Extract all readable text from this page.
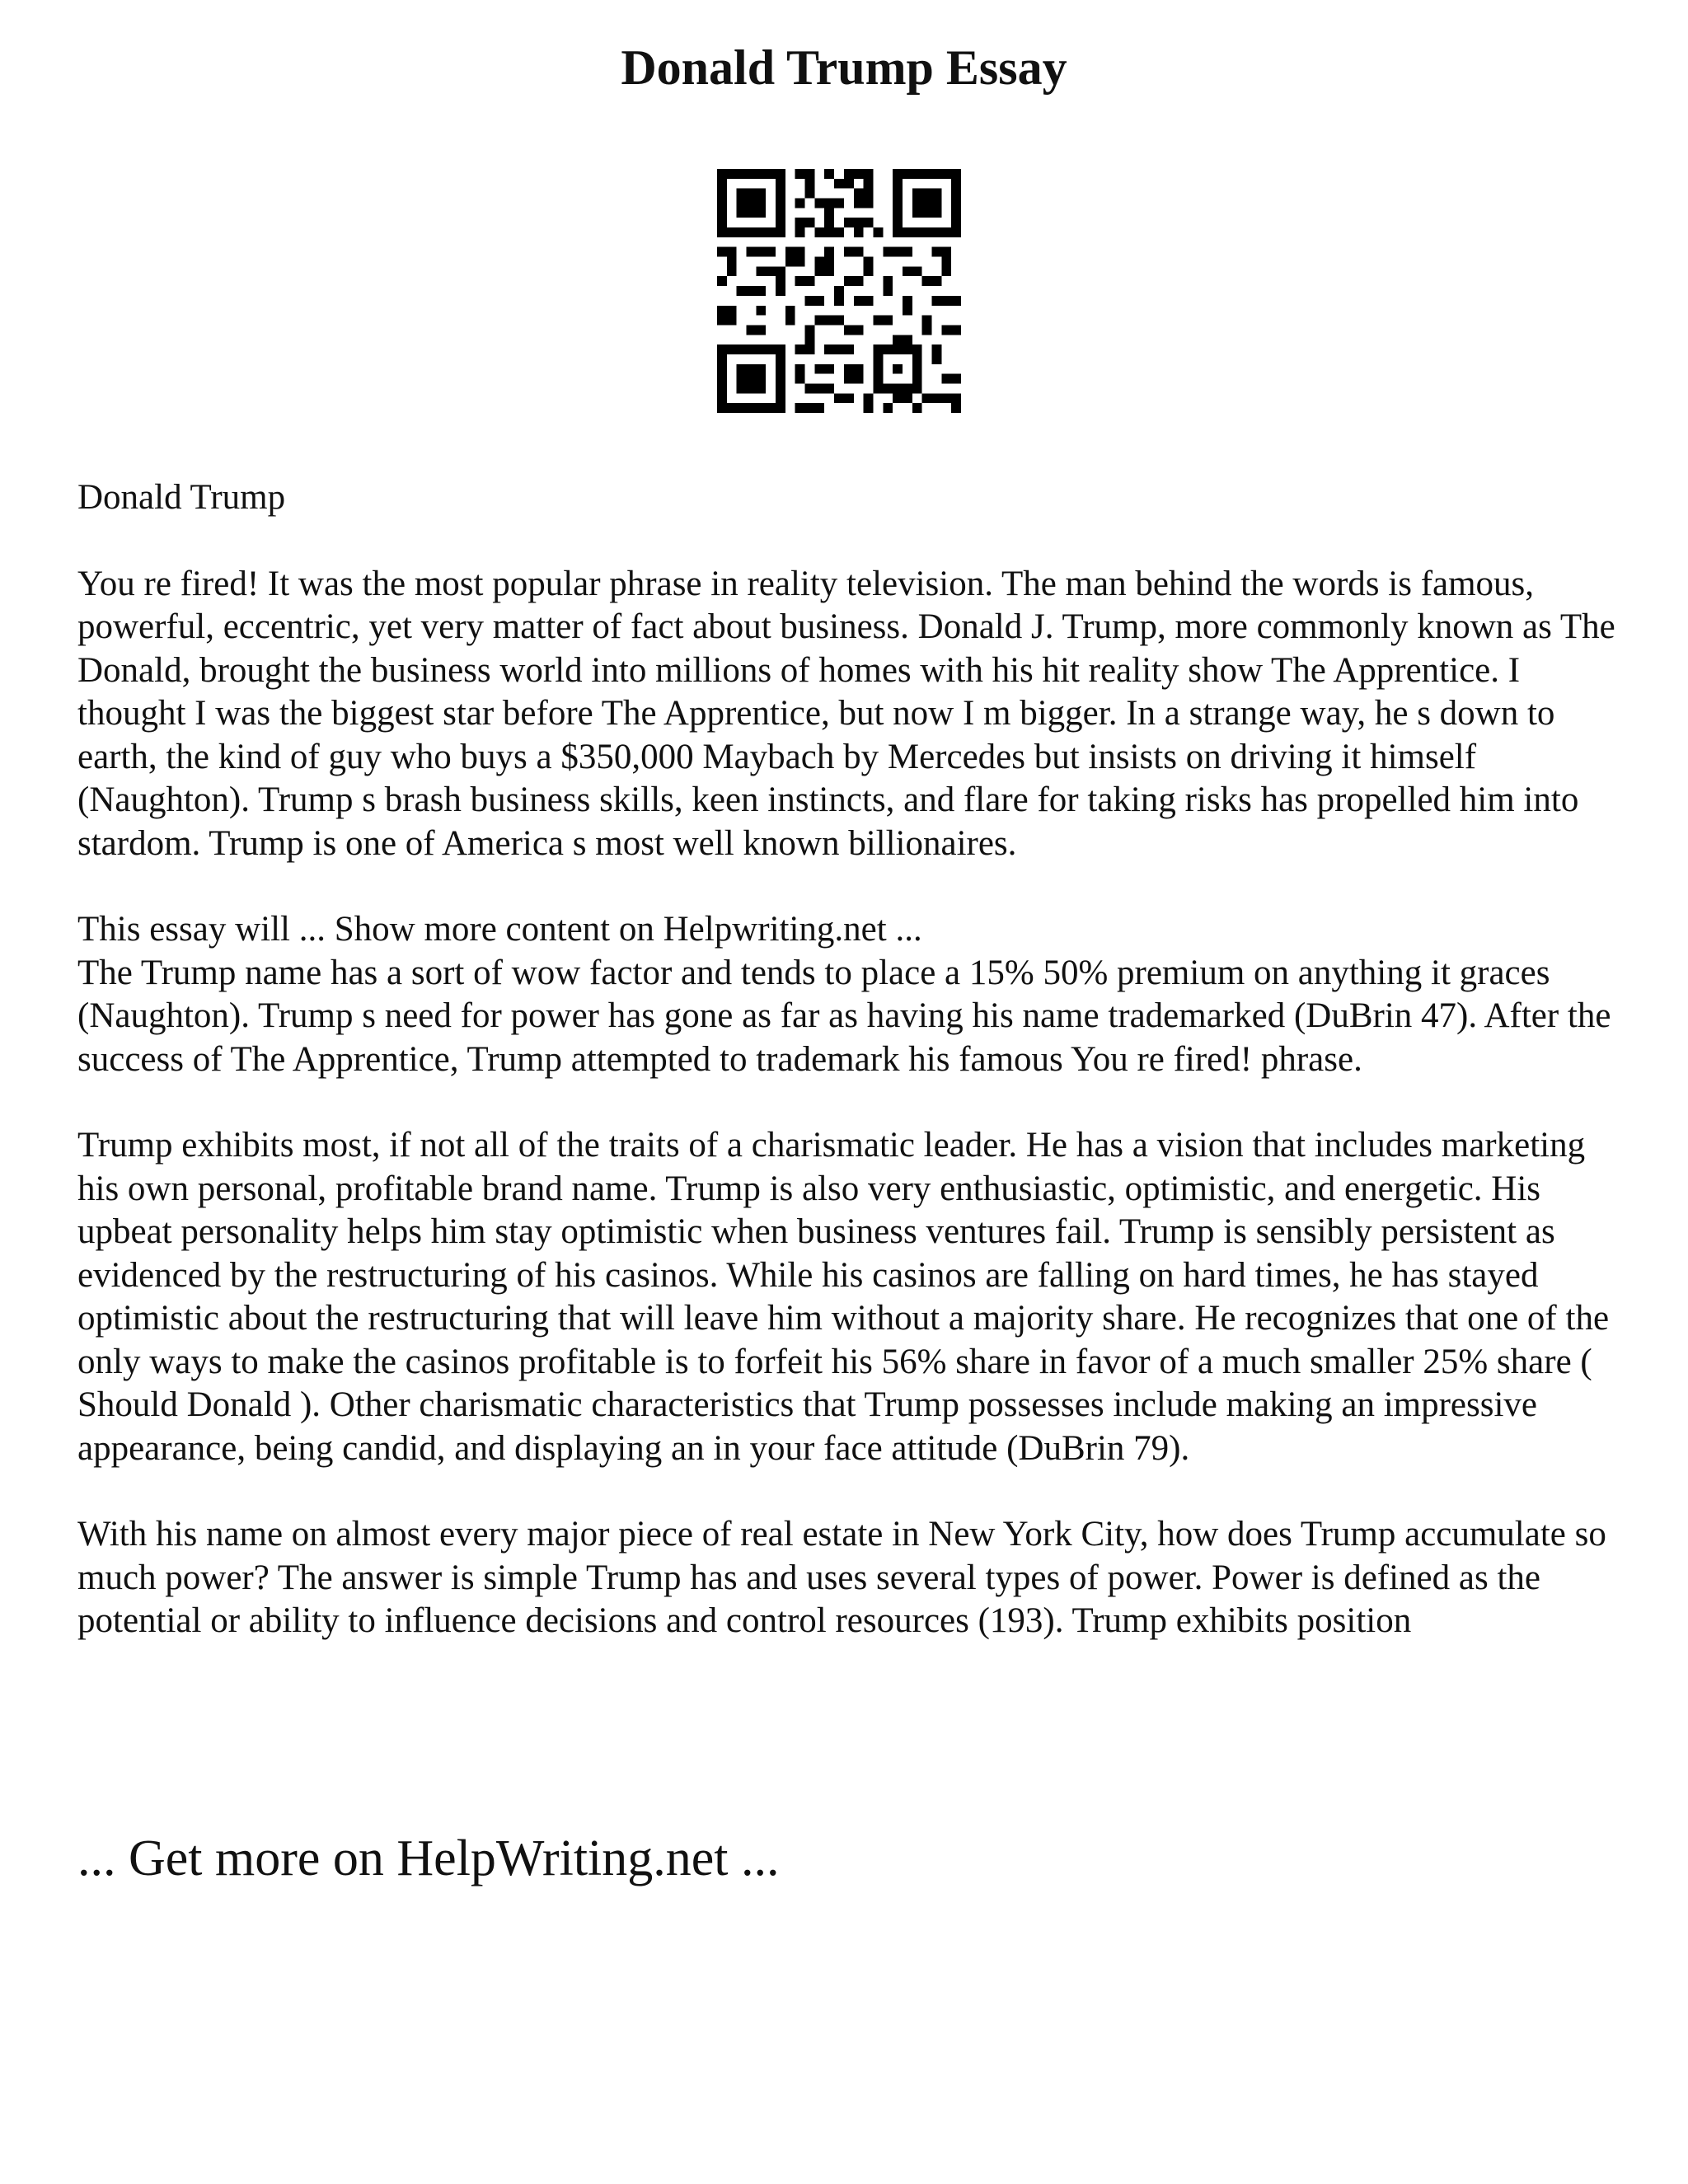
Donald Trump Essay

Donald Trump

You re fired! It was the most popular phrase in reality television. The man behind the words is famous, powerful, eccentric, yet very matter of fact about business. Donald J. Trump, more commonly known as The Donald, brought the business world into millions of homes with his hit reality show The Apprentice. I thought I was the biggest star before The Apprentice, but now I m bigger. In a strange way, he s down to earth, the kind of guy who buys a $350,000 Maybach by Mercedes but insists on driving it himself (Naughton). Trump s brash business skills, keen instincts, and flare for taking risks has propelled him into stardom. Trump is one of America s most well known billionaires.

This essay will ... Show more content on Helpwriting.net ...

The Trump name has a sort of wow factor and tends to place a 15% 50% premium on anything it graces (Naughton). Trump s need for power has gone as far as having his name trademarked (DuBrin 47). After the success of The Apprentice, Trump attempted to trademark his famous You re fired! phrase.

Trump exhibits most, if not all of the traits of a charismatic leader. He has a vision that includes marketing his own personal, profitable brand name. Trump is also very enthusiastic, optimistic, and energetic. His upbeat personality helps him stay optimistic when business ventures fail. Trump is sensibly persistent as evidenced by the restructuring of his casinos. While his casinos are falling on hard times, he has stayed optimistic about the restructuring that will leave him without a majority share. He recognizes that one of the only ways to make the casinos profitable is to forfeit his 56% share in favor of a much smaller 25% share ( Should Donald ). Other charismatic characteristics that Trump possesses include making an impressive appearance, being candid, and displaying an in your face attitude (DuBrin 79).

With his name on almost every major piece of real estate in New York City, how does Trump accumulate so much power? The answer is simple Trump has and uses several types of power. Power is defined as the potential or ability to influence decisions and control resources (193). Trump exhibits position

... Get more on HelpWriting.net ...
